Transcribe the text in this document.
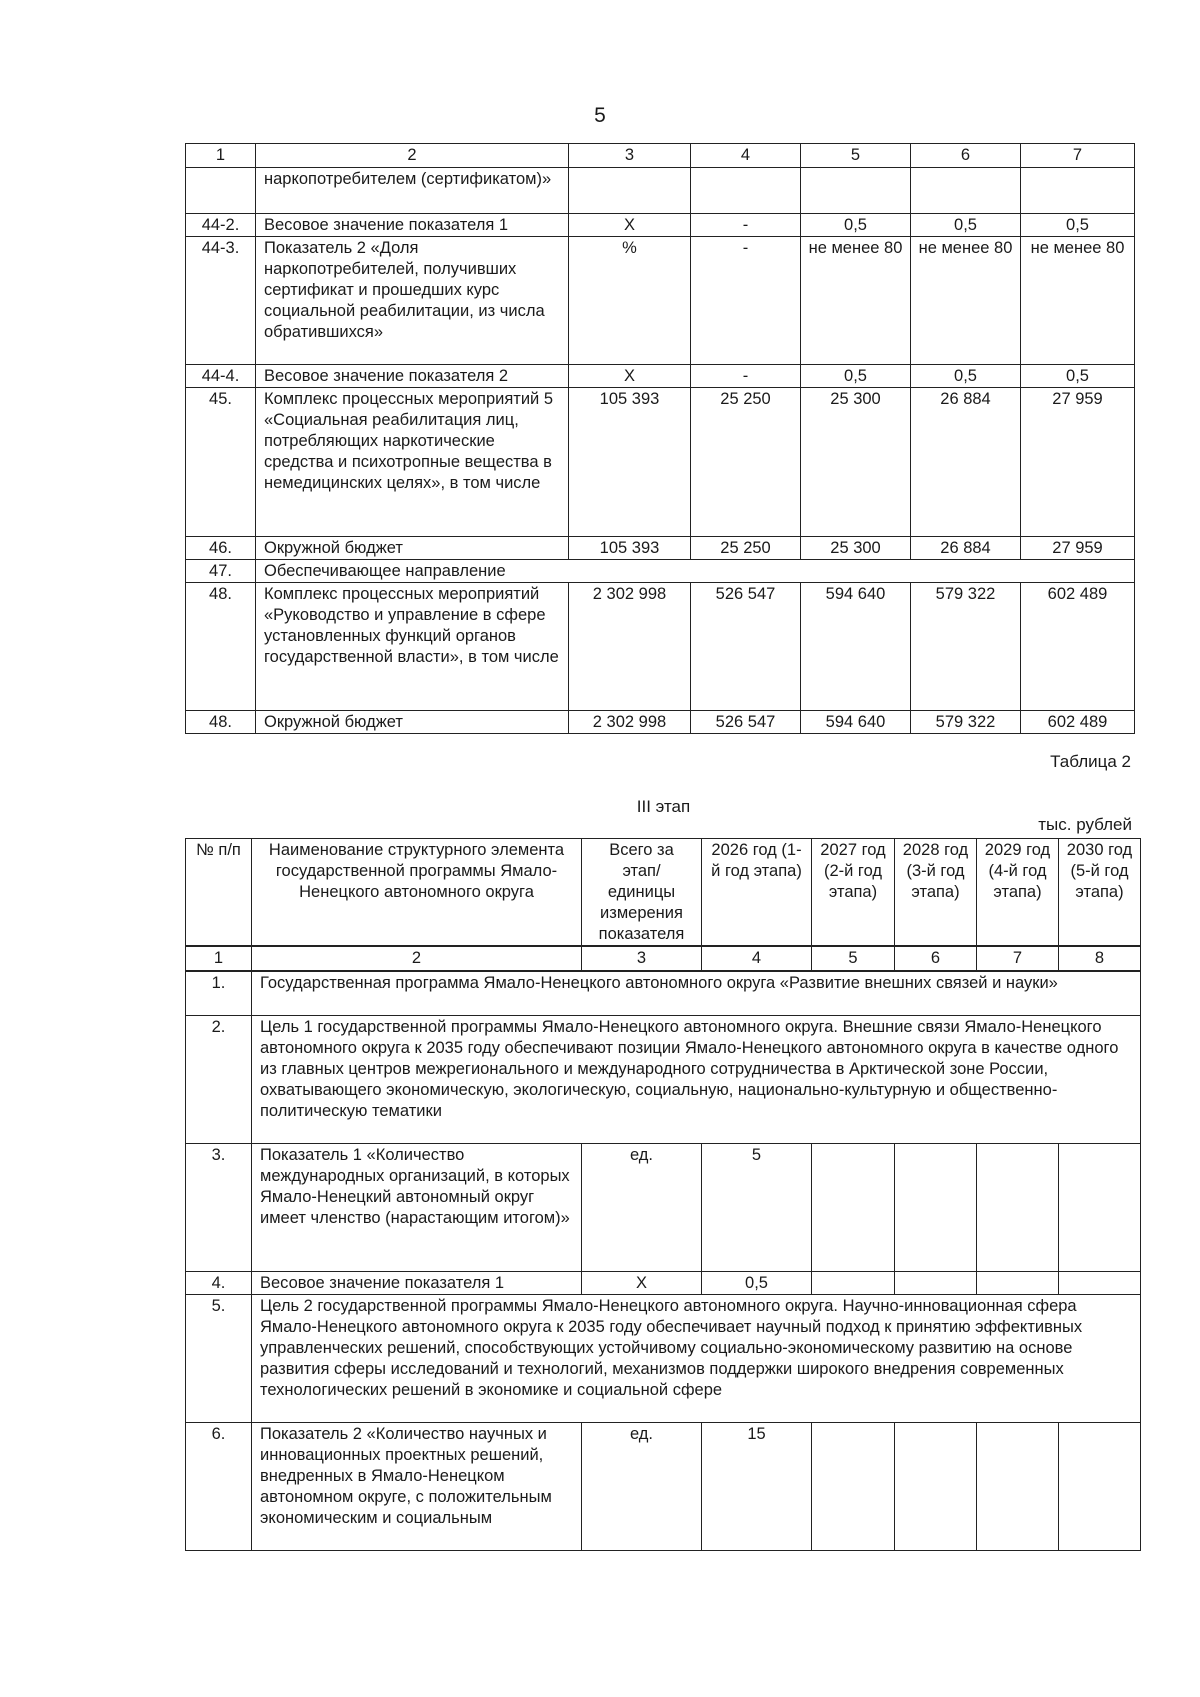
5
1	2	3	4	5	6	7
	наркопотребителем (сертификатом)»					
44-2.	Весовое значение показателя 1	X	-	0,5	0,5	0,5
44-3.	Показатель 2 «Доля наркопотребителей, получивших сертификат и прошедших курс социальной реабилитации, из числа обратившихся»	%	-	не менее 80	не менее 80	не менее 80
44-4.	Весовое значение показателя 2	X	-	0,5	0,5	0,5
45.	Комплекс процессных мероприятий 5 «Социальная реабилитация лиц, потребляющих наркотические средства и психотропные вещества в немедицинских целях», в том числе	105 393	25 250	25 300	26 884	27 959
46.	Окружной бюджет	105 393	25 250	25 300	26 884	27 959
47.	Обеспечивающее направление					
48.	Комплекс процессных мероприятий «Руководство и управление в сфере установленных функций органов государственной власти», в том числе	2 302 998	526 547	594 640	579 322	602 489
48.	Окружной бюджет	2 302 998	526 547	594 640	579 322	602 489
Таблица 2
III этап
тыс. рублей
№ п/п	Наименование структурного элемента государственной программы Ямало-Ненецкого автономного округа	Всего за этап/ единицы измерения показателя	2026 год (1-й год этапа)	2027 год (2-й год этапа)	2028 год (3-й год этапа)	2029 год (4-й год этапа)	2030 год (5-й год этапа)
1	2	3	4	5	6	7	8
1.	Государственная программа Ямало-Ненецкого автономного округа «Развитие внешних связей и науки»						
2.	Цель 1 государственной программы Ямало-Ненецкого автономного округа. Внешние связи Ямало-Ненецкого автономного округа к 2035 году обеспечивают позиции Ямало-Ненецкого автономного округа в качестве одного из главных центров межрегионального и международного сотрудничества в Арктической зоне России, охватывающего экономическую, экологическую, социальную, национально-культурную и общественно-политическую тематики						
3.	Показатель 1 «Количество международных организаций, в которых Ямало-Ненецкий автономный округ имеет членство (нарастающим итогом)»	ед.	5				
4.	Весовое значение показателя 1	X	0,5				
5.	Цель 2 государственной программы Ямало-Ненецкого автономного округа. Научно-инновационная сфера Ямало-Ненецкого автономного округа к 2035 году обеспечивает научный подход к принятию эффективных управленческих решений, способствующих устойчивому социально-экономическому развитию на основе развития сферы исследований и технологий, механизмов поддержки широкого внедрения современных технологических решений в экономике и социальной сфере						
6.	Показатель 2 «Количество научных и инновационных проектных решений, внедренных в Ямало-Ненецком автономном округе, с положительным экономическим и социальным	ед.	15				
